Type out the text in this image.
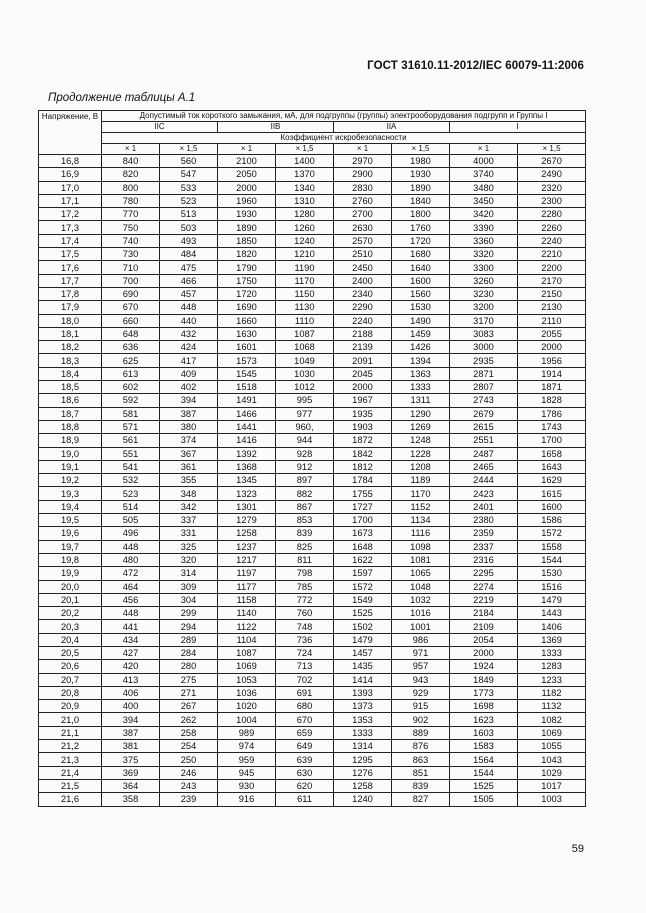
ГОСТ 31610.11-2012/IEC 60079-11:2006
Продолжение таблицы А.1
Напряжение, В	Допустимый ток короткого замыкания, мА, для подгруппы (группы) электрооборудования подгрупп и Группы I							
	IIC		IIB		IIA		I	
	Коэффициент искробезопасности							
	× 1	× 1,5	× 1	× 1,5	× 1	× 1,5	× 1	× 1,5
16,8	840	560	2100	1400	2970	1980	4000	2670
16,9	820	547	2050	1370	2900	1930	3740	2490
17,0	800	533	2000	1340	2830	1890	3480	2320
17,1	780	523	1960	1310	2760	1840	3450	2300
17,2	770	513	1930	1280	2700	1800	3420	2280
17,3	750	503	1890	1260	2630	1760	3390	2260
17,4	740	493	1850	1240	2570	1720	3360	2240
17,5	730	484	1820	1210	2510	1680	3320	2210
17,6	710	475	1790	1190	2450	1640	3300	2200
17,7	700	466	1750	1170	2400	1600	3260	2170
17,8	690	457	1720	1150	2340	1560	3230	2150
17,9	670	448	1690	1130	2290	1530	3200	2130
18,0	660	440	1660	1110	2240	1490	3170	2110
18,1	648	432	1630	1087	2188	1459	3083	2055
18,2	636	424	1601	1068	2139	1426	3000	2000
18,3	625	417	1573	1049	2091	1394	2935	1956
18,4	613	409	1545	1030	2045	1363	2871	1914
18,5	602	402	1518	1012	2000	1333	2807	1871
18,6	592	394	1491	995	1967	1311	2743	1828
18,7	581	387	1466	977	1935	1290	2679	1786
18,8	571	380	1441	960,	1903	1269	2615	1743
18,9	561	374	1416	944	1872	1248	2551	1700
19,0	551	367	1392	928	1842	1228	2487	1658
19,1	541	361	1368	912	1812	1208	2465	1643
19,2	532	355	1345	897	1784	1189	2444	1629
19,3	523	348	1323	882	1755	1170	2423	1615
19,4	514	342	1301	867	1727	1152	2401	1600
19,5	505	337	1279	853	1700	1134	2380	1586
19,6	496	331	1258	839	1673	1116	2359	1572
19,7	448	325	1237	825	1648	1098	2337	1558
19,8	480	320	1217	811	1622	1081	2316	1544
19,9	472	314	1197	798	1597	1065	2295	1530
20,0	464	309	1177	785	1572	1048	2274	1516
20,1	456	304	1158	772	1549	1032	2219	1479
20,2	448	299	1140	760	1525	1016	2184	1443
20,3	441	294	1122	748	1502	1001	2109	1406
20,4	434	289	1104	736	1479	986	2054	1369
20,5	427	284	1087	724	1457	971	2000	1333
20,6	420	280	1069	713	1435	957	1924	1283
20,7	413	275	1053	702	1414	943	1849	1233
20,8	406	271	1036	691	1393	929	1773	1182
20,9	400	267	1020	680	1373	915	1698	1132
21,0	394	262	1004	670	1353	902	1623	1082
21,1	387	258	989	659	1333	889	1603	1069
21,2	381	254	974	649	1314	876	1583	1055
21,3	375	250	959	639	1295	863	1564	1043
21,4	369	246	945	630	1276	851	1544	1029
21,5	364	243	930	620	1258	839	1525	1017
21,6	358	239	916	611	1240	827	1505	1003
59
